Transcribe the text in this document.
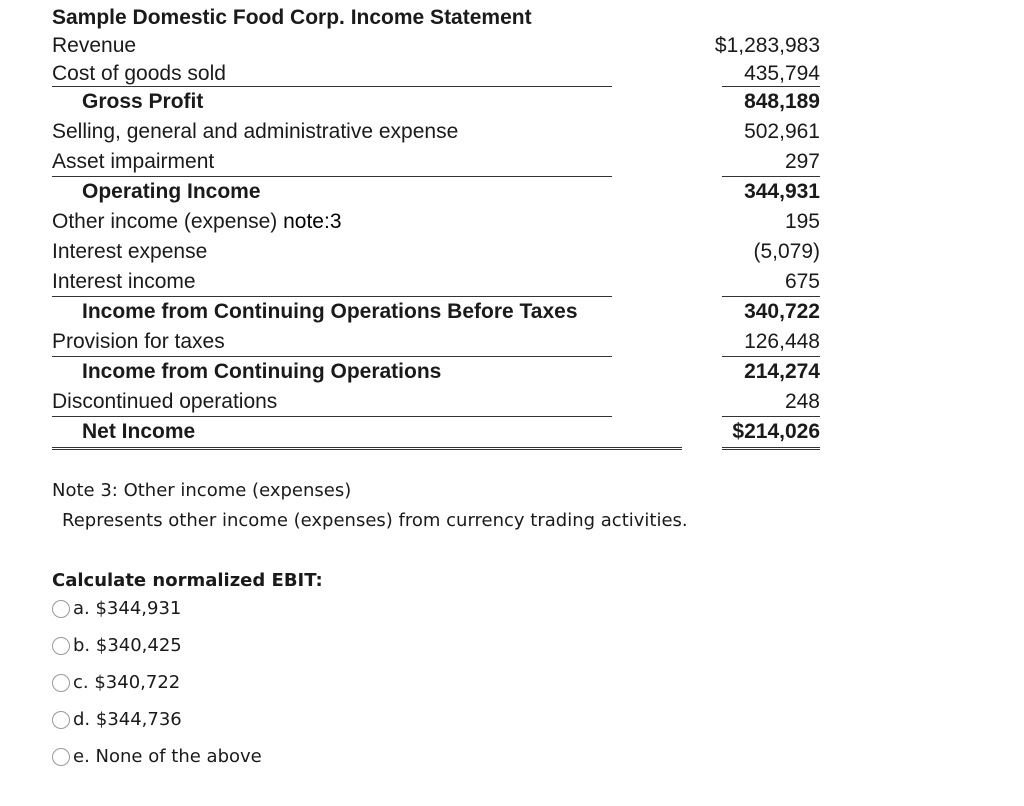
Sample Domestic Food Corp. Income Statement
Revenue	$1,283,983
Cost of goods sold	435,794
Gross Profit	848,189
Selling, general and administrative expense	502,961
Asset impairment	297
Operating Income	344,931
Other income (expense) note:3	195
Interest expense	(5,079)
Interest income	675
Income from Continuing Operations Before Taxes	340,722
Provision for taxes	126,448
Income from Continuing Operations	214,274
Discontinued operations	248
Net Income	$214,026
Note 3: Other income (expenses)
Represents other income (expenses) from currency trading activities.
Calculate normalized EBIT:
a. $344,931
b. $340,425
c. $340,722
d. $344,736
e. None of the above
